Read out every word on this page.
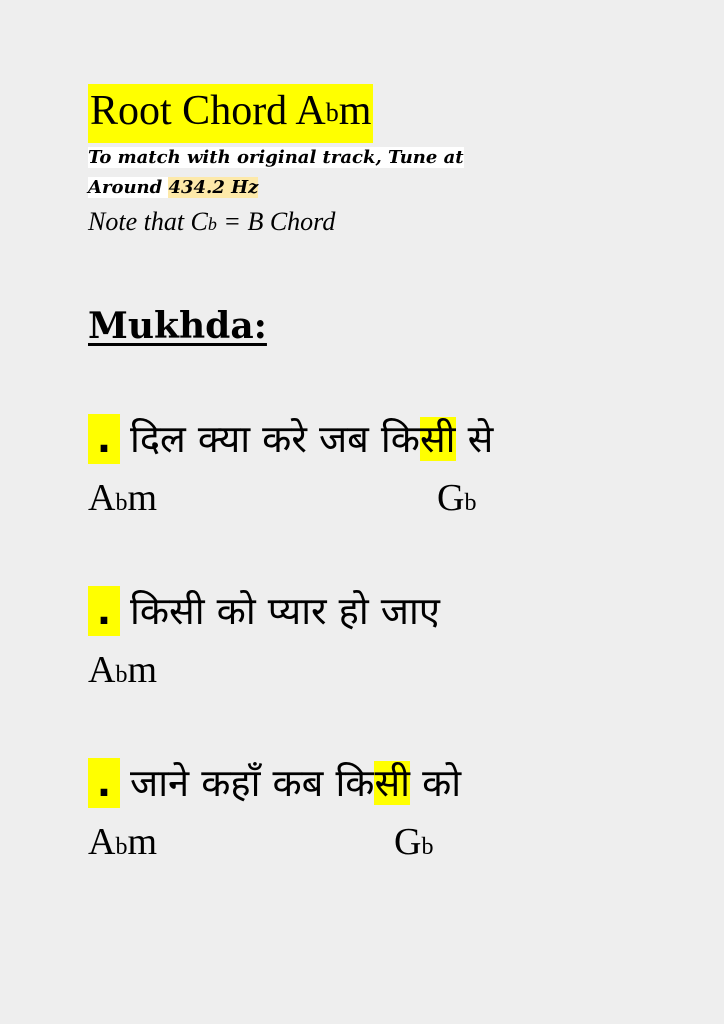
Root Chord Abm
To match with original track, Tune at
Around 434.2 Hz
Note that Cb = B Chord
Mukhda:
. दिल क्या करे जब किसी से
Abm	Gb
. किसी को प्यार हो जाए
Abm
. जाने कहाँ कब किसी को
Abm	Gb
